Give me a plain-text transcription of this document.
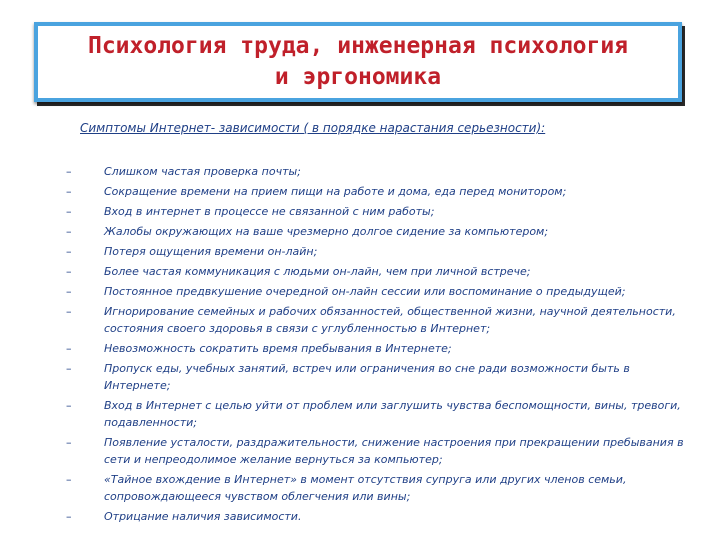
Психология труда, инженерная психология
и эргономика
Симптомы Интернет- зависимости ( в порядке нарастания серьезности):
–	Слишком частая проверка почты;
–	Сокращение времени на прием пищи на работе и дома, еда перед монитором;
–	Вход в интернет в процессе не связанной с ним работы;
–	Жалобы окружающих на ваше чрезмерно долгое сидение за компьютером;
–	Потеря ощущения времени он-лайн;
–	Более частая коммуникация с людьми он-лайн, чем при личной встрече;
–	Постоянное предвкушение очередной он-лайн сессии или воспоминание о предыдущей;
–	Игнорирование семейных и рабочих обязанностей, общественной жизни, научной деятельности, состояния своего здоровья в связи с углубленностью в Интернет;
–	Невозможность сократить время пребывания в Интернете;
–	Пропуск еды, учебных занятий, встреч или ограничения во сне ради возможности быть в Интернете;
–	Вход в Интернет с целью уйти от проблем или заглушить чувства беспомощности, вины, тревоги, подавленности;
–	Появление усталости, раздражительности, снижение настроения при прекращении пребывания в сети и непреодолимое желание вернуться за компьютер;
–	«Тайное вхождение в Интернет» в момент отсутствия супруга или других членов семьи, сопровождающееся чувством облегчения или вины;
–	Отрицание наличия зависимости.
